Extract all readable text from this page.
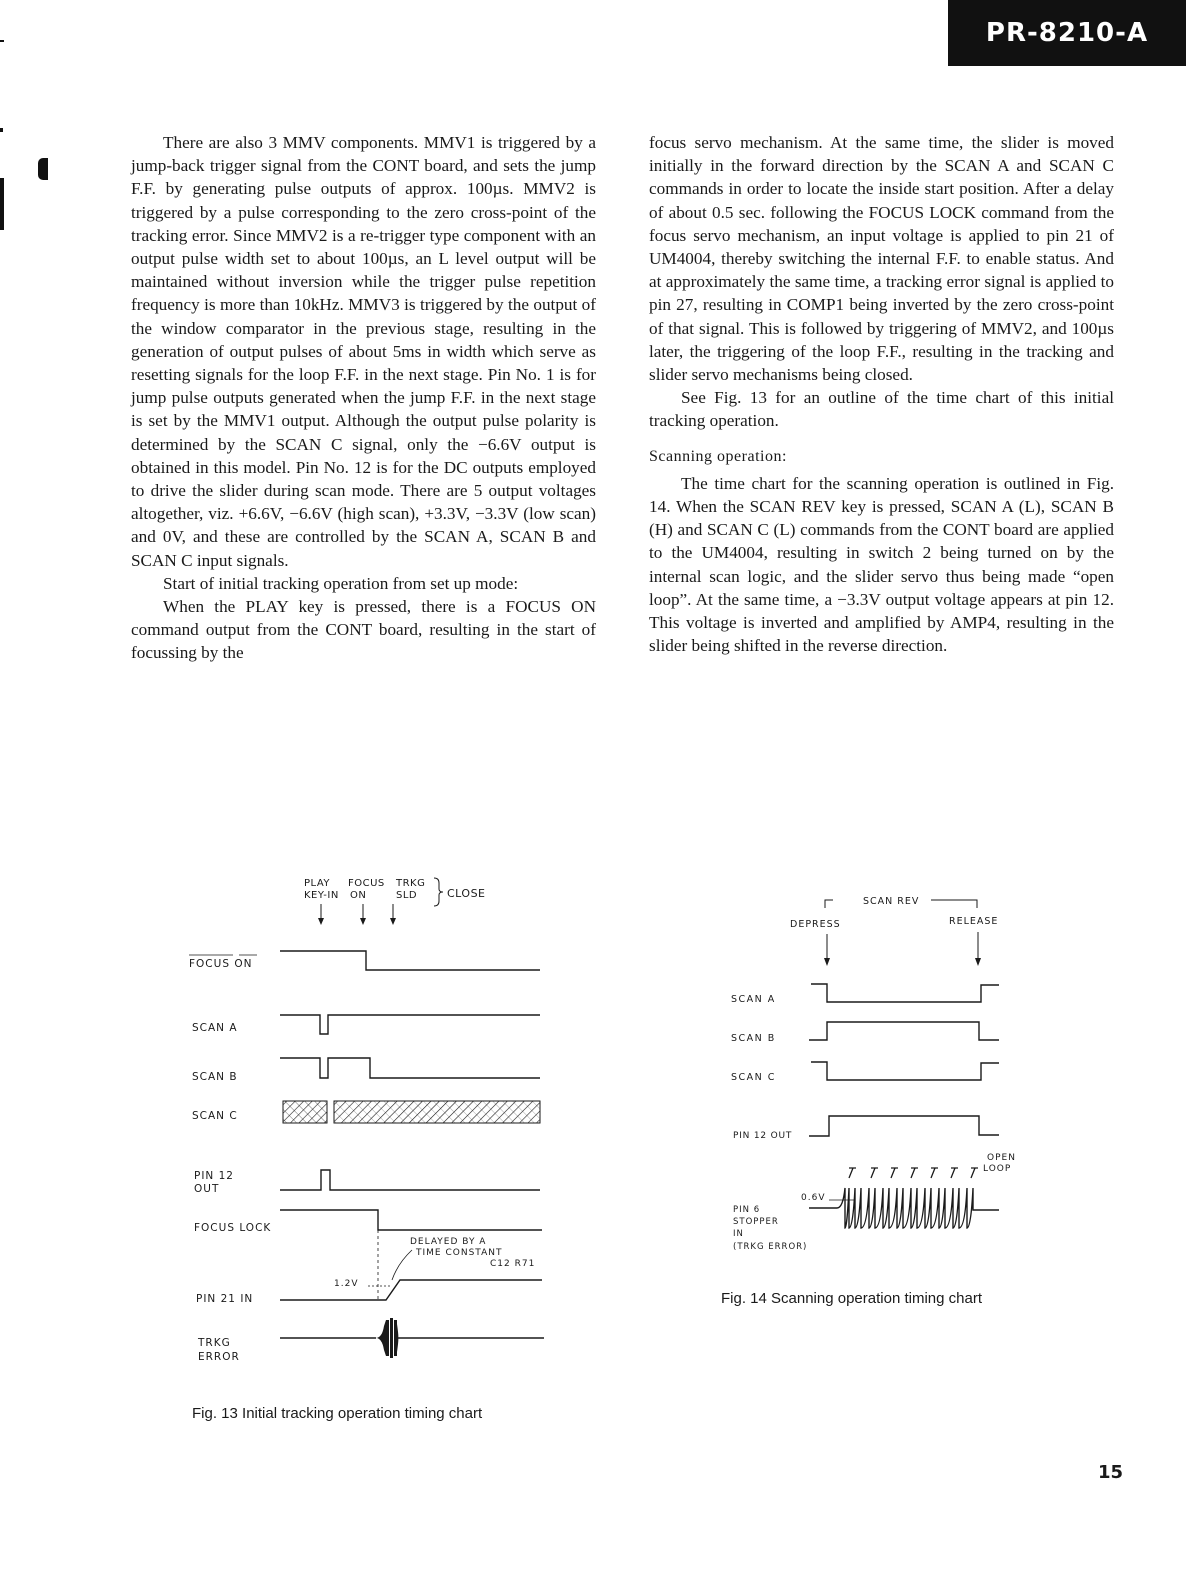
PR-8210-A

There are also 3 MMV components. MMV1 is triggered by a jump-back trigger signal from the CONT board, and sets the jump F.F. by generating pulse outputs of approx. 100µs. MMV2 is triggered by a pulse corresponding to the zero cross-point of the tracking error. Since MMV2 is a re-trigger type component with an output pulse width set to about 100µs, an L level output will be maintained without inversion while the trigger pulse repetition frequency is more than 10kHz. MMV3 is triggered by the output of the window comparator in the previous stage, resulting in the generation of output pulses of about 5ms in width which serve as resetting signals for the loop F.F. in the next stage. Pin No. 1 is for jump pulse outputs generated when the jump F.F. in the next stage is set by the MMV1 output. Although the output pulse polarity is determined by the SCAN C signal, only the −6.6V output is obtained in this model. Pin No. 12 is for the DC outputs employed to drive the slider during scan mode. There are 5 output voltages altogether, viz. +6.6V, −6.6V (high scan), +3.3V, −3.3V (low scan) and 0V, and these are controlled by the SCAN A, SCAN B and SCAN C input signals.

Start of initial tracking operation from set up mode:

When the PLAY key is pressed, there is a FOCUS ON command output from the CONT board, resulting in the start of focussing by the

focus servo mechanism. At the same time, the slider is moved initially in the forward direction by the SCAN A and SCAN C commands in order to locate the inside start position. After a delay of about 0.5 sec. following the FOCUS LOCK command from the focus servo mechanism, an input voltage is applied to pin 21 of UM4004, thereby switching the internal F.F. to enable status. And at approximately the same time, a tracking error signal is applied to pin 27, resulting in COMP1 being inverted by the zero cross-point of that signal. This is followed by triggering of MMV2, and 100µs later, the triggering of the loop F.F., resulting in the tracking and slider servo mechanisms being closed.

See Fig. 13 for an outline of the time chart of this initial tracking operation.

Scanning operation:

The time chart for the scanning operation is outlined in Fig. 14. When the SCAN REV key is pressed, SCAN A (L), SCAN B (H) and SCAN C (L) commands from the CONT board are applied to the UM4004, resulting in switch 2 being turned on by the internal scan logic, and the slider servo thus being made “open loop”. At the same time, a −3.3V output voltage appears at pin 12. This voltage is inverted and amplified by AMP4, resulting in the slider being shifted in the reverse direction.

PLAY
KEY-IN
FOCUS
ON
TRKG
SLD	CLOSE
FOCUS ON
SCAN A
SCAN B
SCAN C
PIN 12
OUT
FOCUS LOCK
PIN 21 IN
TRKG
ERROR
DELAYED BY A
TIME CONSTANT
C12 R71
1.2V
Fig. 13 Initial tracking operation timing chart
SCAN REV
DEPRESS	RELEASE
SCAN A
SCAN B
SCAN C
PIN 12 OUT
PIN 6
STOPPER
IN
(TRKG ERROR)
0.6V
OPEN
LOOP
Fig. 14 Scanning operation timing chart
15
